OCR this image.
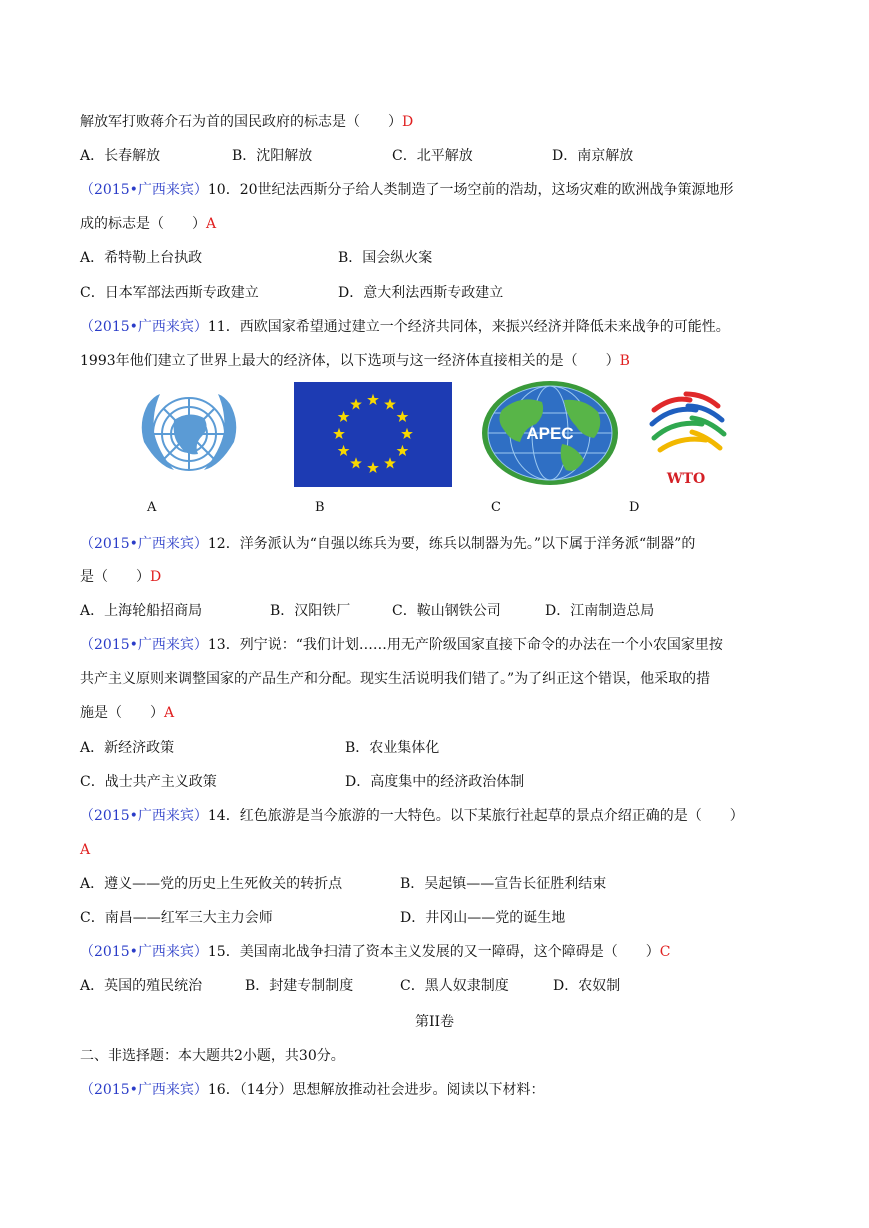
解放军打败蒋介石为首的国民政府的标志是（　　）D
A．长春解放	B．沈阳解放	C．北平解放	D．南京解放
（2015•广西来宾）10．20世纪法西斯分子给人类制造了一场空前的浩劫，这场灾难的欧洲战争策源地形
成的标志是（　　）A
A．希特勒上台执政	B．国会纵火案
C．日本军部法西斯专政建立	D．意大利法西斯专政建立
（2015•广西来宾）11．西欧国家希望通过建立一个经济共同体，来振兴经济并降低未来战争的可能性。
1993年他们建立了世界上最大的经济体，以下选项与这一经济体直接相关的是（　　）B
APEC
WTO
A	B	C	D
（2015•广西来宾）12．洋务派认为“自强以练兵为要，练兵以制器为先。”以下属于洋务派“制器”的
是（　　）D
A．上海轮船招商局	B．汉阳铁厂	C．鞍山钢铁公司	D．江南制造总局
（2015•广西来宾）13．列宁说：“我们计划……用无产阶级国家直接下命令的办法在一个小农国家里按
共产主义原则来调整国家的产品生产和分配。现实生活说明我们错了。”为了纠正这个错误，他采取的措
施是（　　）A
A．新经济政策	B．农业集体化
C．战士共产主义政策	D．高度集中的经济政治体制
（2015•广西来宾）14．红色旅游是当今旅游的一大特色。以下某旅行社起草的景点介绍正确的是（　　）
A
A．遵义——党的历史上生死攸关的转折点	B．吴起镇——宣告长征胜利结束
C．南昌——红军三大主力会师	D．井冈山——党的诞生地
（2015•广西来宾）15．美国南北战争扫清了资本主义发展的又一障碍，这个障碍是（　　）C
A．英国的殖民统治	B．封建专制制度	C．黑人奴隶制度	D．农奴制
第II卷
二、非选择题：本大题共2小题，共30分。
（2015•广西来宾）16．（14分）思想解放推动社会进步。阅读以下材料：
